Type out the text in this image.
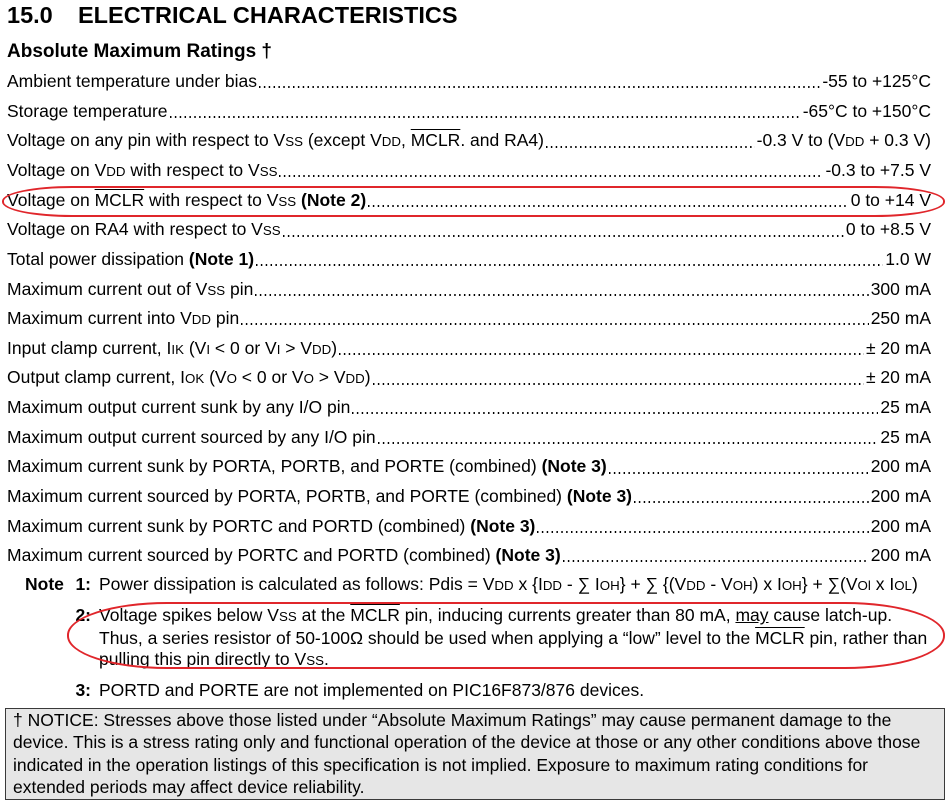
15.0 ELECTRICAL CHARACTERISTICS
Absolute Maximum Ratings †
Ambient temperature under bias	-55 to +125°C
Storage temperature	-65°C to +150°C
Voltage on any pin with respect to VSS (except VDD, MCLR. and RA4)	-0.3 V to (VDD + 0.3 V)
Voltage on VDD with respect to VSS	-0.3 to +7.5 V
Voltage on MCLR with respect to VSS (Note 2)	0 to +14 V
Voltage on RA4 with respect to VSS	0 to +8.5 V
Total power dissipation (Note 1)	1.0 W
Maximum current out of VSS pin	300 mA
Maximum current into VDD pin	250 mA
Input clamp current, IIK (VI < 0 or VI > VDD)	± 20 mA
Output clamp current, IOK (VO < 0 or VO > VDD)	± 20 mA
Maximum output current sunk by any I/O pin	25 mA
Maximum output current sourced by any I/O pin	25 mA
Maximum current sunk by PORTA, PORTB, and PORTE (combined) (Note 3)	200 mA
Maximum current sourced by PORTA, PORTB, and PORTE (combined) (Note 3)	200 mA
Maximum current sunk by PORTC and PORTD (combined) (Note 3)	200 mA
Maximum current sourced by PORTC and PORTD (combined) (Note 3)	200 mA
Note 1: Power dissipation is calculated as follows: Pdis = VDD x {IDD - ∑ IOH} + ∑ {(VDD - VOH) x IOH} + ∑(VOl x IOL)
2: Voltage spikes below VSS at the MCLR pin, inducing currents greater than 80 mA, may cause latch-up.
Thus, a series resistor of 50-100Ω should be used when applying a “low” level to the MCLR pin, rather than
pulling this pin directly to VSS.
3: PORTD and PORTE are not implemented on PIC16F873/876 devices.
† NOTICE: Stresses above those listed under “Absolute Maximum Ratings” may cause permanent damage to the
device. This is a stress rating only and functional operation of the device at those or any other conditions above those
indicated in the operation listings of this specification is not implied. Exposure to maximum rating conditions for
extended periods may affect device reliability.
